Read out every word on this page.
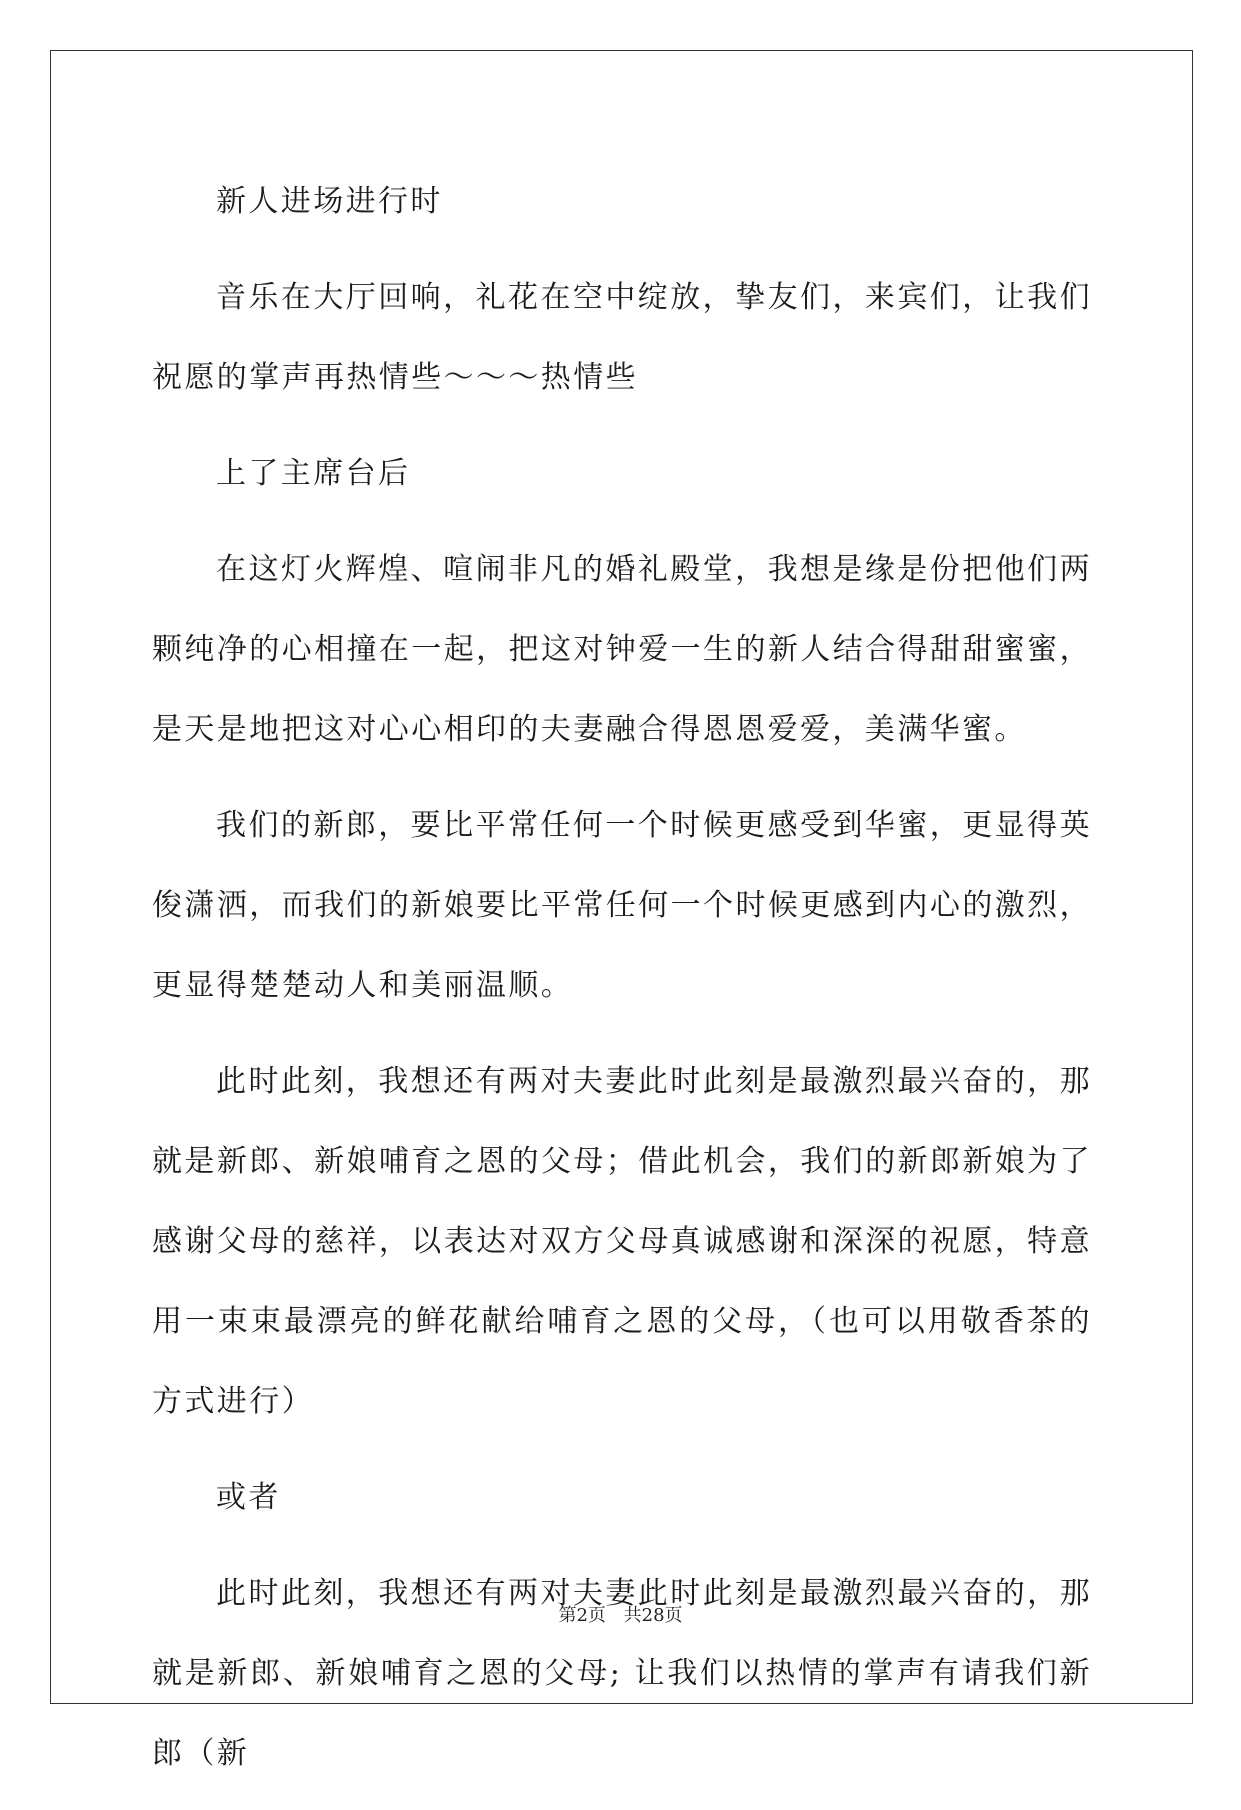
新人进场进行时

音乐在大厅回响，礼花在空中绽放，挚友们，来宾们，让我们祝愿的掌声再热情些～～～热情些

上了主席台后

在这灯火辉煌、喧闹非凡的婚礼殿堂，我想是缘是份把他们两颗纯净的心相撞在一起，把这对钟爱一生的新人结合得甜甜蜜蜜，是天是地把这对心心相印的夫妻融合得恩恩爱爱，美满华蜜。

我们的新郎，要比平常任何一个时候更感受到华蜜，更显得英俊潇洒，而我们的新娘要比平常任何一个时候更感到内心的激烈，更显得楚楚动人和美丽温顺。

此时此刻，我想还有两对夫妻此时此刻是最激烈最兴奋的，那就是新郎、新娘哺育之恩的父母；借此机会，我们的新郎新娘为了感谢父母的慈祥，以表达对双方父母真诚感谢和深深的祝愿，特意用一束束最漂亮的鲜花献给哺育之恩的父母，（也可以用敬香茶的方式进行）

或者

此时此刻，我想还有两对夫妻此时此刻是最激烈最兴奋的，那就是新郎、新娘哺育之恩的父母; 让我们以热情的掌声有请我们新郎（新

第2页 共28页
